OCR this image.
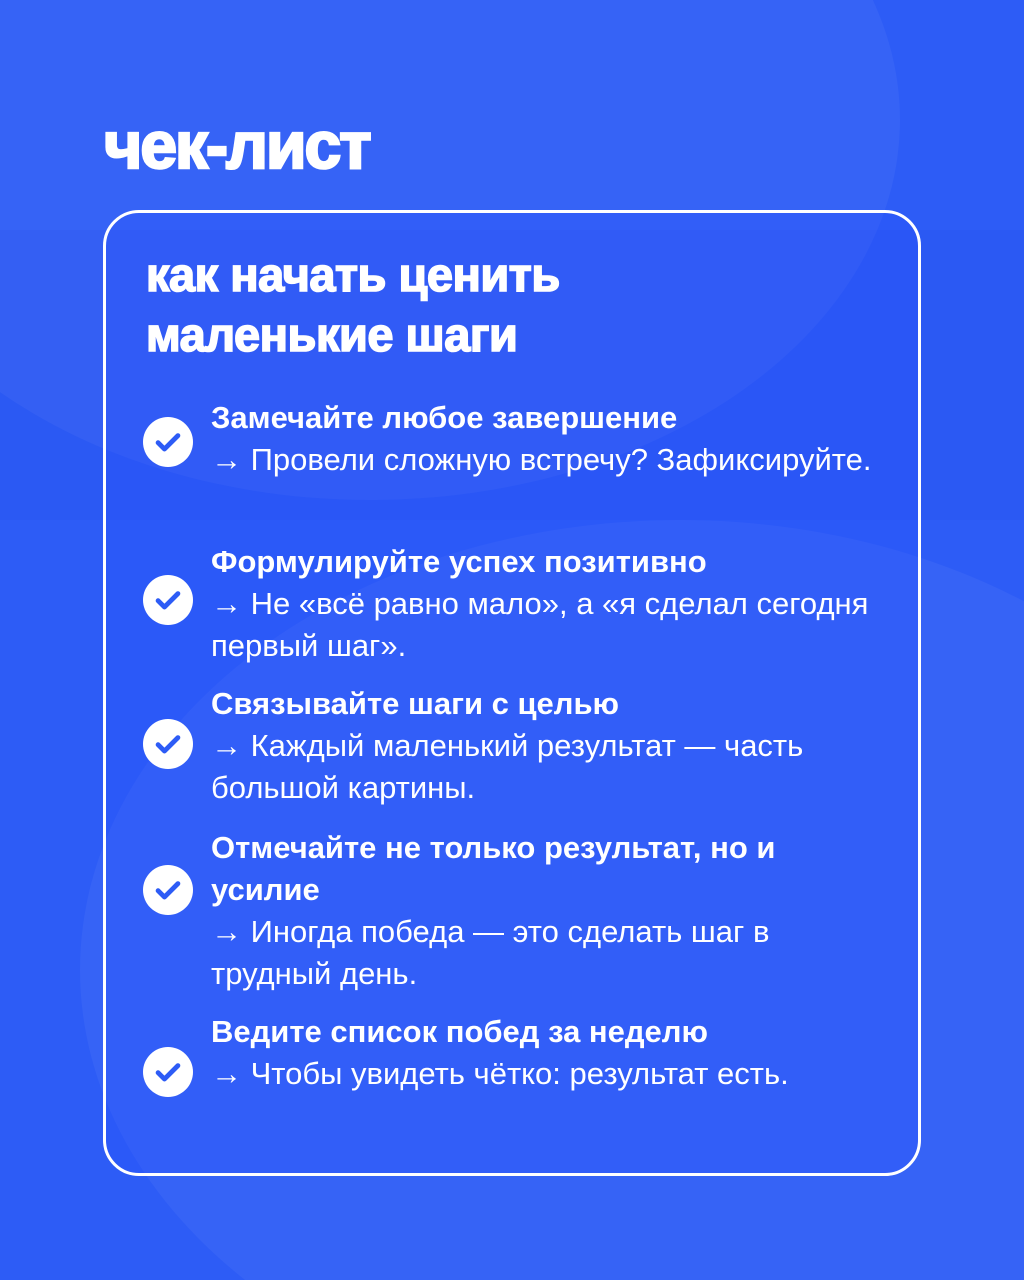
чек-лист
как начать ценить
маленькие шаги
Замечайте любое завершение
→ Провели сложную встречу? Зафиксируйте.
Формулируйте успех позитивно
→ Не «всё равно мало», а «я сделал сегодня первый шаг».
Связывайте шаги с целью
→ Каждый маленький результат — часть большой картины.
Отмечайте не только результат, но и усилие
→ Иногда победа — это сделать шаг в трудный день.
Ведите список побед за неделю
→ Чтобы увидеть чётко: результат есть.
